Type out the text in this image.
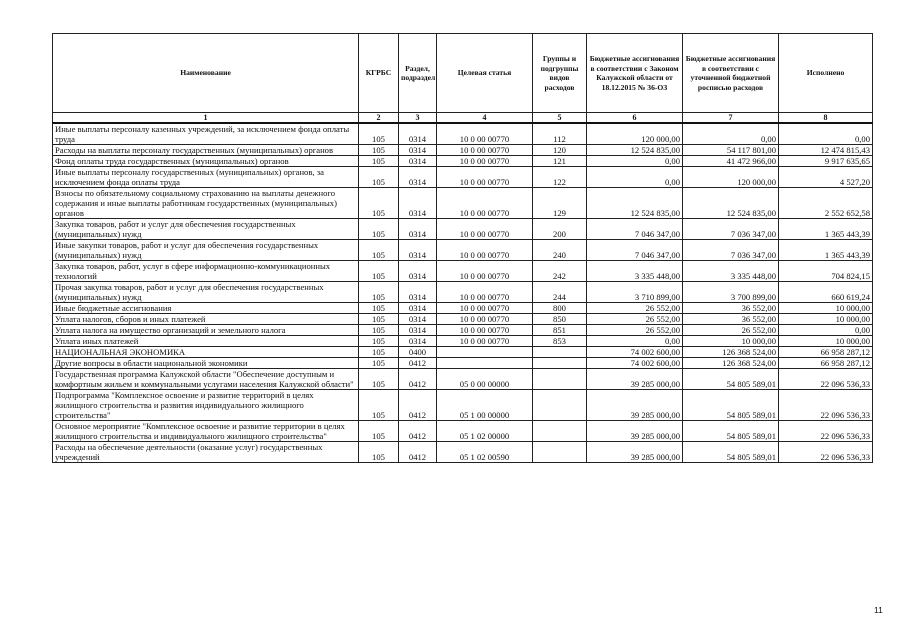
Наименование	КГРБС	Раздел, подраздел	Целевая статья	Группы и подгруппы видов расходов	Бюджетные ассигнования в соответствии с Законом Калужской области от 18.12.2015 № 36-ОЗ	Бюджетные ассигнования в соответствии с уточненной бюджетной росписью расходов	Исполнено
1	2	3	4	5	6	7	8
Иные выплаты персоналу казенных учреждений, за исключением фонда оплаты труда	105	0314	10 0 00 00770	112	120 000,00	0,00	0,00
Расходы на выплаты персоналу государственных (муниципальных) органов	105	0314	10 0 00 00770	120	12 524 835,00	54 117 801,00	12 474 815,43
Фонд оплаты труда государственных (муниципальных) органов	105	0314	10 0 00 00770	121	0,00	41 472 966,00	9 917 635,65
Иные выплаты персоналу государственных (муниципальных) органов, за исключением фонда оплаты труда	105	0314	10 0 00 00770	122	0,00	120 000,00	4 527,20
Взносы по обязательному социальному страхованию на выплаты денежного содержания и иные выплаты работникам государственных (муниципальных) органов	105	0314	10 0 00 00770	129	12 524 835,00	12 524 835,00	2 552 652,58
Закупка товаров, работ и услуг для обеспечения государственных (муниципальных) нужд	105	0314	10 0 00 00770	200	7 046 347,00	7 036 347,00	1 365 443,39
Иные закупки товаров, работ и услуг для обеспечения государственных (муниципальных) нужд	105	0314	10 0 00 00770	240	7 046 347,00	7 036 347,00	1 365 443,39
Закупка товаров, работ, услуг в сфере информационно-коммуникационных технологий	105	0314	10 0 00 00770	242	3 335 448,00	3 335 448,00	704 824,15
Прочая закупка товаров, работ и услуг для обеспечения государственных (муниципальных) нужд	105	0314	10 0 00 00770	244	3 710 899,00	3 700 899,00	660 619,24
Иные бюджетные ассигнования	105	0314	10 0 00 00770	800	26 552,00	36 552,00	10 000,00
Уплата налогов, сборов и иных платежей	105	0314	10 0 00 00770	850	26 552,00	36 552,00	10 000,00
Уплата налога на имущество организаций и земельного налога	105	0314	10 0 00 00770	851	26 552,00	26 552,00	0,00
Уплата иных платежей	105	0314	10 0 00 00770	853	0,00	10 000,00	10 000,00
НАЦИОНАЛЬНАЯ ЭКОНОМИКА	105	0400			74 002 600,00	126 368 524,00	66 958 287,12
Другие вопросы в области национальной экономики	105	0412			74 002 600,00	126 368 524,00	66 958 287,12
Государственная программа Калужской области "Обеспечение доступным и комфортным жильем и коммунальными услугами населения Калужской области"	105	0412	05 0 00 00000		39 285 000,00	54 805 589,01	22 096 536,33
Подпрограмма "Комплексное освоение и развитие территорий в целях жилищного строительства и развития индивидуального жилищного строительства"	105	0412	05 1 00 00000		39 285 000,00	54 805 589,01	22 096 536,33
Основное мероприятие "Комплексное освоение и развитие территории в целях жилищного строительства и индивидуального жилищного строительства"	105	0412	05 1 02 00000		39 285 000,00	54 805 589,01	22 096 536,33
Расходы на обеспечение деятельности (оказание услуг) государственных учреждений	105	0412	05 1 02 00590		39 285 000,00	54 805 589,01	22 096 536,33
11
